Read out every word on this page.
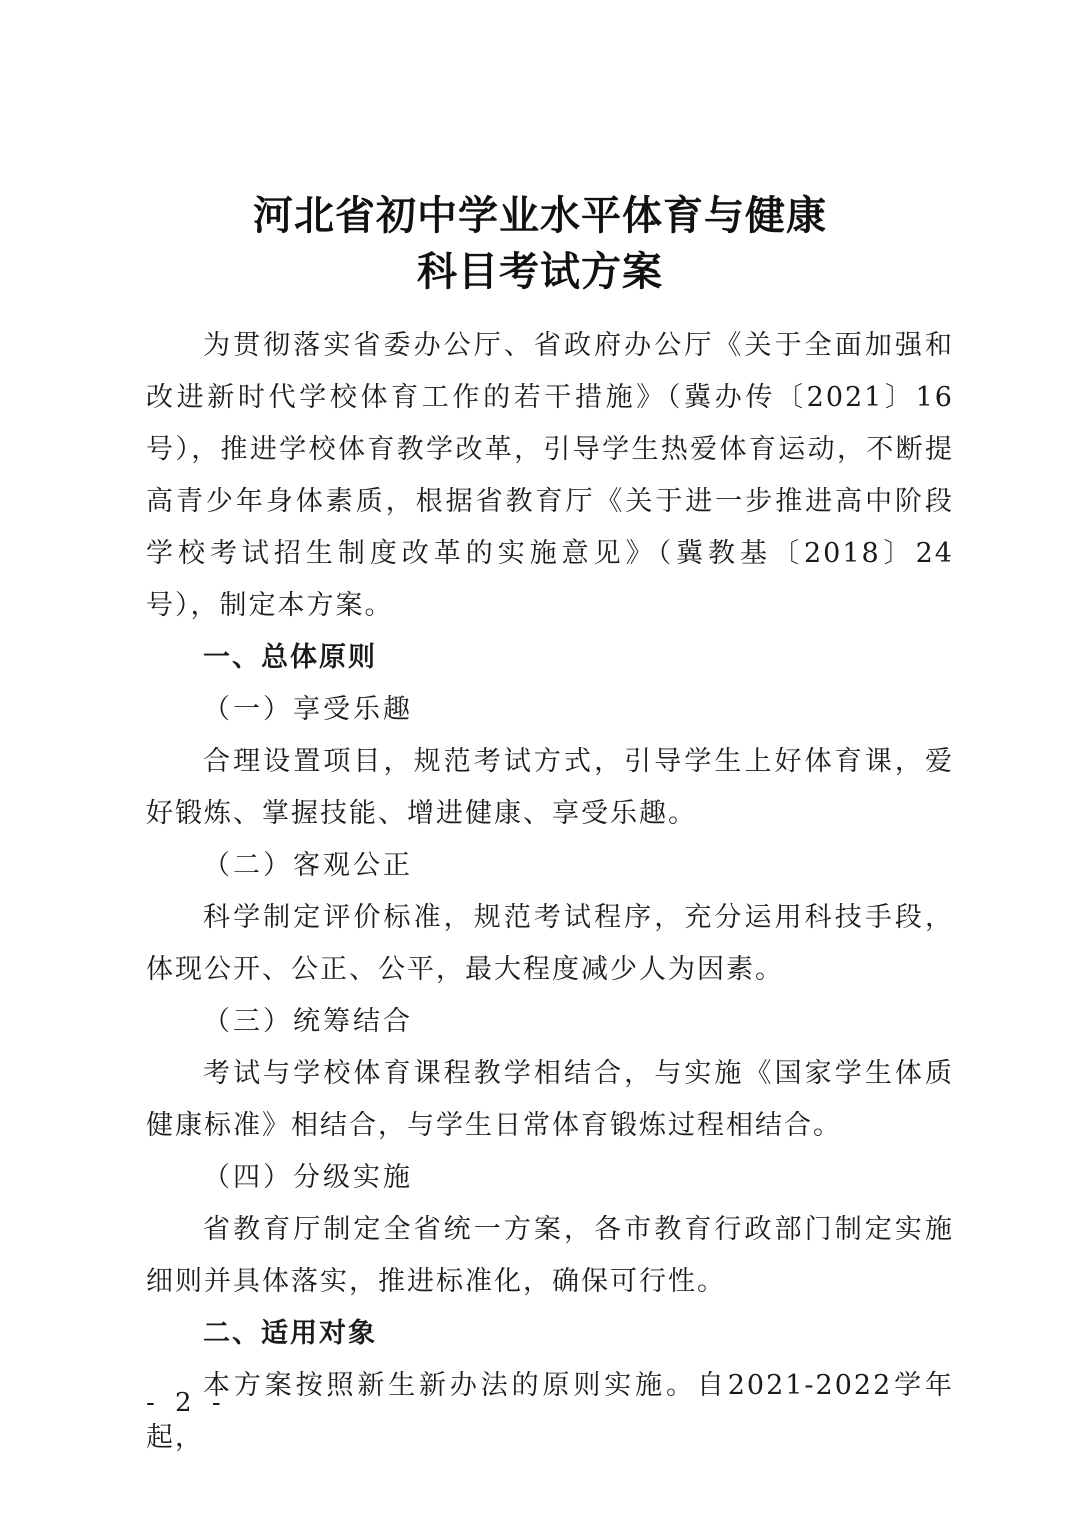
河北省初中学业水平体育与健康
科目考试方案

为贯彻落实省委办公厅、省政府办公厅《关于全面加强和改进新时代学校体育工作的若干措施》（冀办传〔2021〕16号），推进学校体育教学改革，引导学生热爱体育运动，不断提高青少年身体素质，根据省教育厅《关于进一步推进高中阶段学校考试招生制度改革的实施意见》（冀教基〔2018〕24号），制定本方案。

一、总体原则

（一）享受乐趣

合理设置项目，规范考试方式，引导学生上好体育课，爱好锻炼、掌握技能、增进健康、享受乐趣。

（二）客观公正

科学制定评价标准，规范考试程序，充分运用科技手段，体现公开、公正、公平，最大程度减少人为因素。

（三）统筹结合

考试与学校体育课程教学相结合，与实施《国家学生体质健康标准》相结合，与学生日常体育锻炼过程相结合。

（四）分级实施

省教育厅制定全省统一方案，各市教育行政部门制定实施细则并具体落实，推进标准化，确保可行性。

二、适用对象

本方案按照新生新办法的原则实施。自2021-2022学年起，

- 2 -
